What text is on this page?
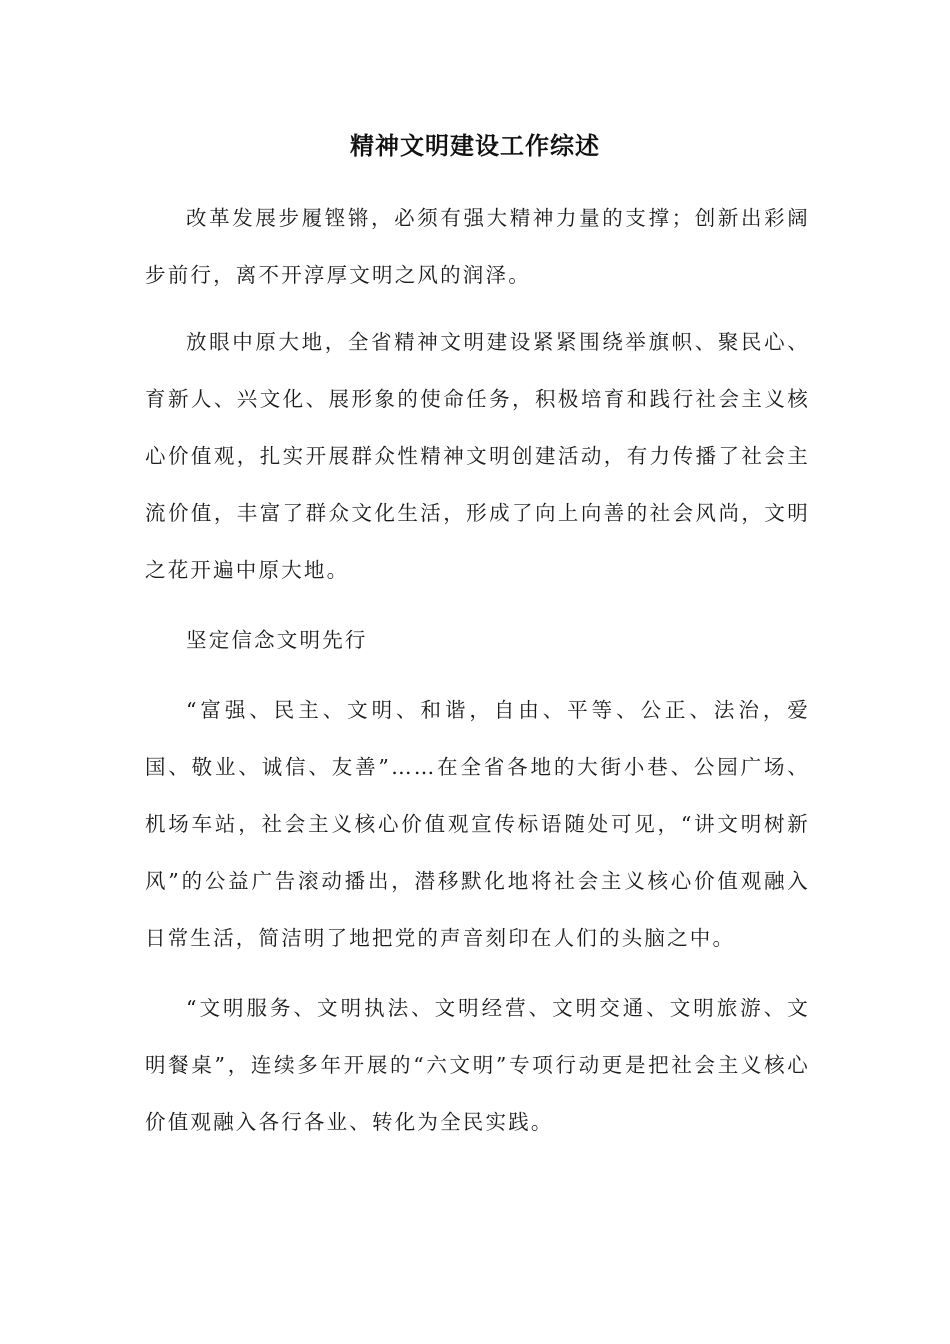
精神文明建设工作综述

改革发展步履铿锵，必须有强大精神力量的支撑；创新出彩阔步前行，离不开淳厚文明之风的润泽。

放眼中原大地，全省精神文明建设紧紧围绕举旗帜、聚民心、育新人、兴文化、展形象的使命任务，积极培育和践行社会主义核心价值观，扎实开展群众性精神文明创建活动，有力传播了社会主流价值，丰富了群众文化生活，形成了向上向善的社会风尚，文明之花开遍中原大地。

坚定信念文明先行

“富强、民主、文明、和谐，自由、平等、公正、法治，爱国、敬业、诚信、友善”……在全省各地的大街小巷、公园广场、机场车站，社会主义核心价值观宣传标语随处可见，“讲文明树新风”的公益广告滚动播出，潜移默化地将社会主义核心价值观融入日常生活，简洁明了地把党的声音刻印在人们的头脑之中。

“文明服务、文明执法、文明经营、文明交通、文明旅游、文明餐桌”，连续多年开展的“六文明”专项行动更是把社会主义核心价值观融入各行各业、转化为全民实践。
